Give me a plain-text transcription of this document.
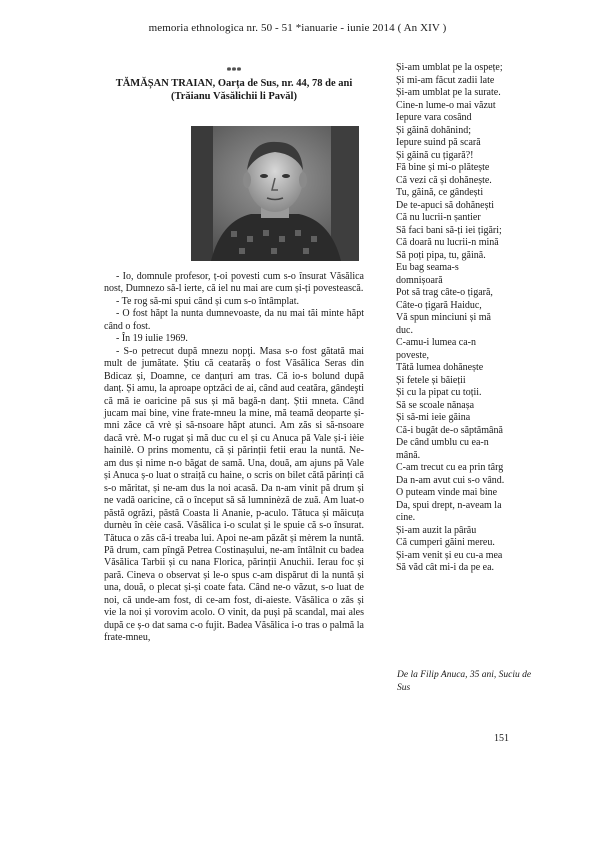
memoria ethnologica nr. 50 - 51 *ianuarie - iunie 2014 ( An XIV )
***
TĂMĂȘAN TRAIAN, Oarța de Sus, nr. 44, 78 de ani
(Trăianu Văsălichii li Pavăl)

- Io, domnule profesor, ț-oi povesti cum s-o însurat Văsălica nost, Dumnezo să-l ierte, că iel nu mai are cum și-ți povestească.

- Te rog să-mi spui când și cum s-o întâmplat.

- O fost hăpt la nunta dumnevoaste, da nu mai tăi minte hăpt când o fost.

- În 19 iulie 1969.

- S-o petrecut după mnezu nopţi. Masa s-o fost gătată mai mult de jumătate. Știu că ceatarăș o fost Văsălica Seras din Bdicaz și, Doamne, ce danțuri am tras. Că io-s bolund după danț. Și amu, la aproape optzăci de ai, când aud ceatăra, gândeşti că mă ie oaricine pă sus și mă bagă-n danț. Știi mneta. Când jucam mai bine, vine frate-mneu la mine, mă teamă deoparte și-mni zăce că vrè și să-nsoare hăpt atunci. Am zăs si să-nsoare dacă vrè. M-o rugat și mă duc cu el și cu Anuca pă Vale și-i ièie hainilè. O prins momentu, că și părinții fetii erau la nuntă. Ne-am dus și nime n-o băgat de samă. Una, două, am ajuns pă Vale și Anuca ș-o luat o straiță cu haine, o scris on bilet cătă părinți că s-o măritat, și ne-am dus la noi acasă. Da n-am vinit pă drum și ne vadă oaricine, că o început să să lumninèză de zuă. Am luat-o păstă ogrăzi, păstă Coasta li Ananie, p-aculo. Tătuca și măicuța durnèu în cèie casă. Văsălica i-o sculat și le spuie că s-o însurat. Tătuca o zăs că-i treaba lui. Apoi ne-am păzăt și mèrem la nuntă. Pă drum, cam pîngă Petrea Costinașului, ne-am întâlnit cu badea Văsălica Tarbii și cu nana Florica, părinții Anuchii. Ierau foc și pară. Cineva o observat și le-o spus c-am dispărut di la nuntă și una, două, o plecat și-și coate fata. Când ne-o văzut, s-o luat de noi, că unde-am fost, di ce-am fost, di-aieste. Văsălica o zăs și vie la noi și vorovim acolo. O vinit, da puși pă scandal, mai ales după ce ș-o dat sama c-o fujit. Badea Văsălica i-o tras o palmă la frate-mneu,

Și-am umblat pe la ospețe;
Și mi-am făcut zadii late
Și-am umblat pe la surate.
Cine-n lume-o mai văzut
Iepure vara cosând
Și găină dohănind;
Iepure suind pă scară
Și găină cu țigară?!
Fă bine și mi-o plătește
Că vezi că și dohănește.
Tu, găină, ce gândești
De te-apuci să dohănești
Că nu lucrii-n șantier
Să faci bani să-ți iei țigări;
Că doară nu lucrii-n mină
Să poți pipa, tu, găină.
Eu bag seama-s
domnișoară
Pot să trag câte-o țigară,
Câte-o țigară Haiduc,
Vă spun minciuni și mă
duc.
C-amu-i lumea ca-n
poveste,
Tătă lumea dohănește
Și fetele și băieții
Și cu la pipat cu toții.
Să se scoale nănașa
Și să-mi ieie găina
Că-i bugăt de-o săptămână
De când umblu cu ea-n
mână.
C-am trecut cu ea prin târg
Da n-am avut cui s-o vând.
O puteam vinde mai bine
Da, spui drept, n-aveam la
cine.
Și-am auzit la pârău
Că cumperi găini mereu.
Și-am venit și eu cu-a mea
Să văd cât mi-i da pe ea.
De la Filip Anuca, 35 ani, Suciu de Sus
151
